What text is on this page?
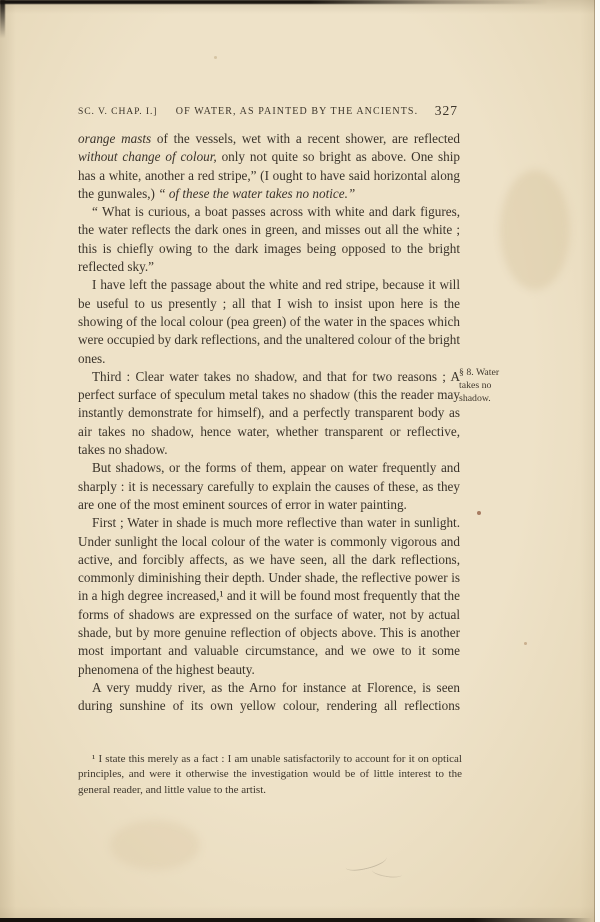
SC. V. CHAP. I.] OF WATER, AS PAINTED BY THE ANCIENTS. 327

orange masts of the vessels, wet with a recent shower, are reflected without change of colour, only not quite so bright as above. One ship has a white, another a red stripe,” (I ought to have said horizontal along the gunwales,) “ of these the water takes no notice.”

“ What is curious, a boat passes across with white and dark figures, the water reflects the dark ones in green, and misses out all the white ; this is chiefly owing to the dark images being opposed to the bright reflected sky.”

I have left the passage about the white and red stripe, because it will be useful to us presently ; all that I wish to insist upon here is the showing of the local colour (pea green) of the water in the spaces which were occupied by dark reflections, and the unaltered colour of the bright ones.

Third : Clear water takes no shadow, and that for two reasons ; A perfect surface of speculum metal takes no shadow (this the reader may instantly demonstrate for himself), and a perfectly transparent body as air takes no shadow, hence water, whether transparent or reflective, takes no shadow.

But shadows, or the forms of them, appear on water frequently and sharply : it is necessary carefully to explain the causes of these, as they are one of the most eminent sources of error in water painting.

First ; Water in shade is much more reflective than water in sunlight. Under sunlight the local colour of the water is commonly vigorous and active, and forcibly affects, as we have seen, all the dark reflections, commonly diminishing their depth. Under shade, the reflective power is in a high degree increased,¹ and it will be found most frequently that the forms of shadows are expressed on the surface of water, not by actual shade, but by more genuine reflection of objects above. This is another most important and valuable circumstance, and we owe to it some phenomena of the highest beauty.

A very muddy river, as the Arno for instance at Florence, is seen during sunshine of its own yellow colour, rendering all reflections

§ 8. Water takes no shadow.
¹ I state this merely as a fact : I am unable satisfactorily to account for it on optical principles, and were it otherwise the investigation would be of little interest to the general reader, and little value to the artist.
